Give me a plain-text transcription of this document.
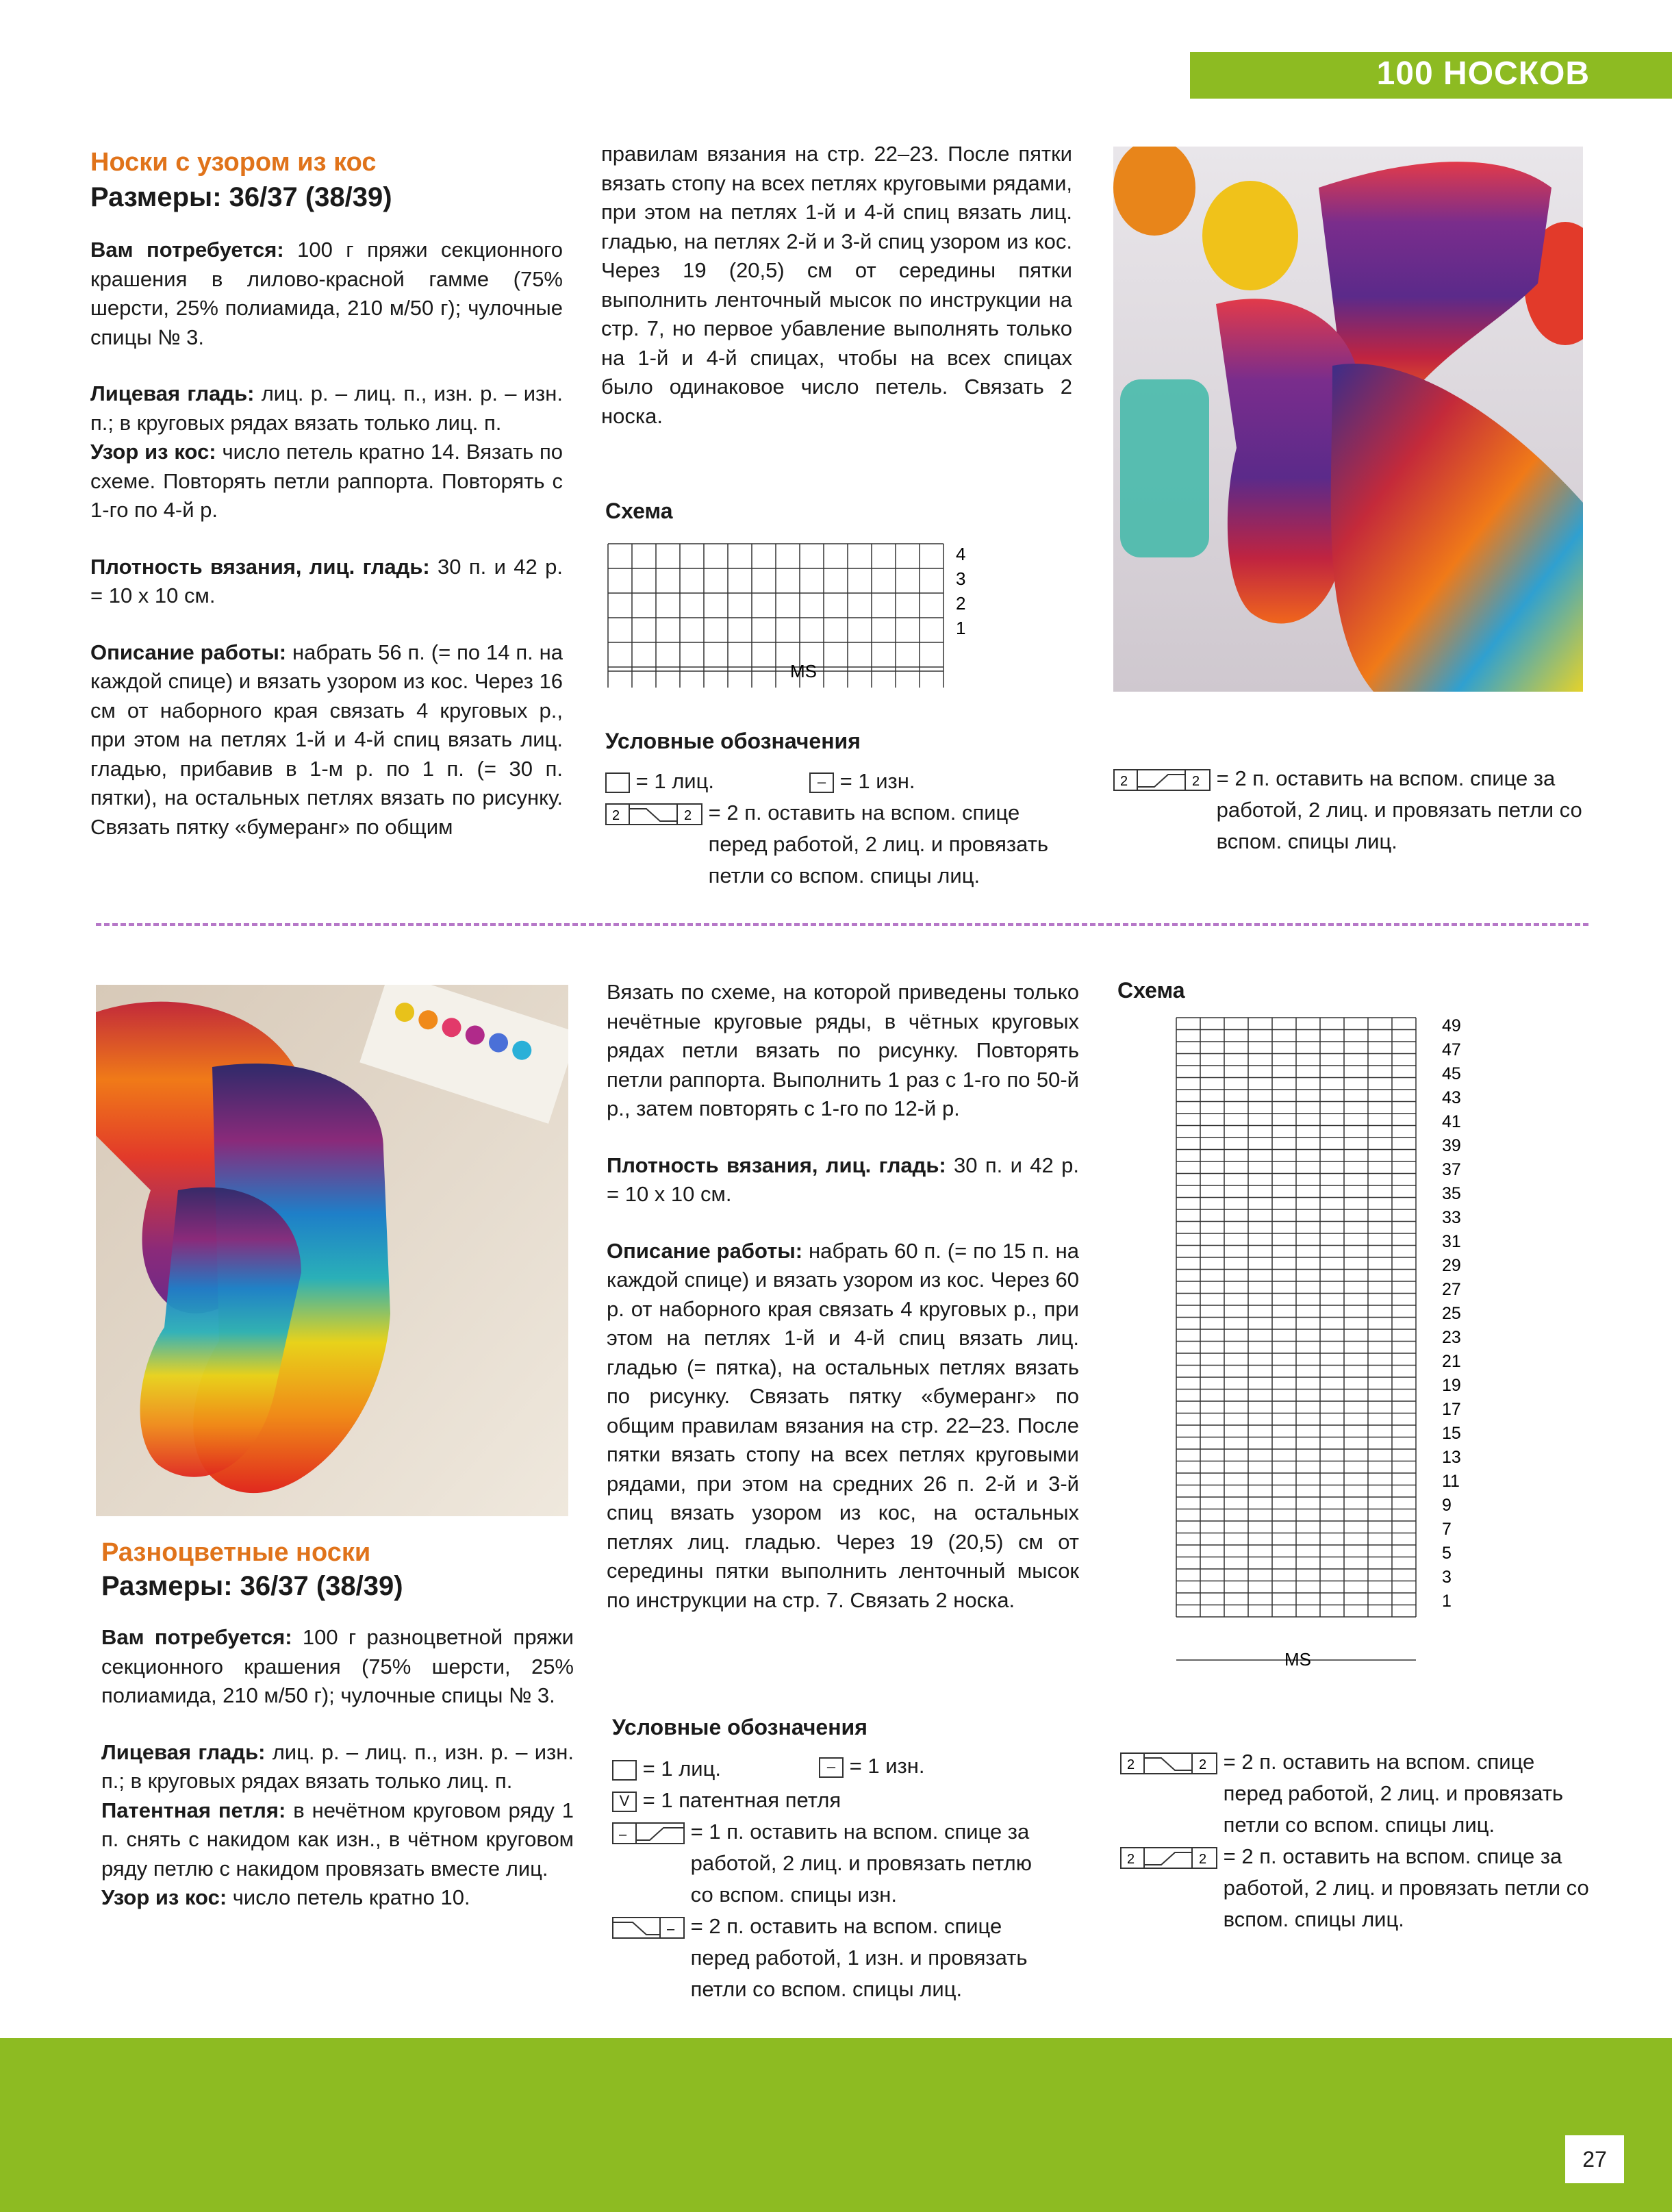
100 НОСКОВ
Носки с узором из кос
Размеры: 36/37 (38/39)

Вам потребуется: 100 г пряжи секционного крашения в лилово-красной гамме (75% шерсти, 25% полиамида, 210 м/50 г); чулочные спицы № 3.

Лицевая гладь: лиц. р. – лиц. п., изн. р. – изн. п.; в круговых рядах вязать только лиц. п.

Узор из кос: число петель кратно 14. Вязать по схеме. Повторять петли раппорта. Повторять с 1-го по 4-й р.

Плотность вязания, лиц. гладь: 30 п. и 42 р. = 10 х 10 см.

Описание работы: набрать 56 п. (= по 14 п. на каждой спице) и вязать узором из кос. Через 16 см от наборного края связать 4 круговых р., при этом на петлях 1-й и 4-й спиц вязать лиц. гладью, прибавив в 1-м р. по 1 п. (= 30 п. пятки), на остальных петлях вязать по рисунку. Связать пятку «бумеранг» по общим

правилам вязания на стр. 22–23. После пятки вязать стопу на всех петлях круговыми рядами, при этом на петлях 1-й и 4-й спиц вязать лиц. гладью, на петлях 2-й и 3-й спиц узором из кос. Через 19 (20,5) см от середины пятки выполнить ленточный мысок по инструкции на стр. 7, но первое убавление выполнять только на 1-й и 4-й спицах, чтобы на всех спицах было одинаковое число петель. Связать 2 носка.

Схема
MS
4
3
2
1
Условные обозначения
= 1 лиц.	– = 1 изн.
2	2 = 2 п. оставить на вспом. спице перед работой, 2 лиц. и провязать петли со вспом. спицы лиц.
2	2 = 2 п. оставить на вспом. спице за работой, 2 лиц. и провязать петли со вспом. спицы лиц.
Разноцветные носки
Размеры: 36/37 (38/39)

Вам потребуется: 100 г разноцветной пряжи секционного крашения (75% шерсти, 25% полиамида, 210 м/50 г); чулочные спицы № 3.

Лицевая гладь: лиц. р. – лиц. п., изн. р. – изн. п.; в круговых рядах вязать только лиц. п.

Патентная петля: в нечётном круговом ряду 1 п. снять с накидом как изн., в чётном круговом ряду петлю с накидом провязать вместе лиц.

Узор из кос: число петель кратно 10.

Вязать по схеме, на которой приведены только нечётные круговые ряды, в чётных круговых рядах петли вязать по рисунку. Повторять петли раппорта. Выполнить 1 раз с 1-го по 50-й р., затем повторять с 1-го по 12-й р.

Плотность вязания, лиц. гладь: 30 п. и 42 р. = 10 х 10 см.

Описание работы: набрать 60 п. (= по 15 п. на каждой спице) и вязать узором из кос. Через 60 р. от наборного края связать 4 круговых р., при этом на петлях 1-й и 4-й спиц вязать лиц. гладью (= пятка), на остальных петлях вязать по рисунку. Связать пятку «бумеранг» по общим правилам вязания на стр. 22–23. После пятки вязать стопу на всех петлях круговыми рядами, при этом на средних 26 п. 2-й и 3-й спиц вязать узором из кос, на остальных петлях лиц. гладью. Через 19 (20,5) см от середины пятки выполнить ленточный мысок по инструкции на стр. 7. Связать 2 носка.

Схема
49
47
45
43
41
39
37
35
33
31
29
27
25
23
21
19
17
15
13
11
9
7
5
3
1
MS
Условные обозначения
= 1 лиц.	– = 1 изн.
V = 1 патентная петля
–	= 1 п. оставить на вспом. спице за работой, 2 лиц. и провязать петлю со вспом. спицы изн.
– = 2 п. оставить на вспом. спице перед работой, 1 изн. и провязать петли со вспом. спицы лиц.
2	2 = 2 п. оставить на вспом. спице перед работой, 2 лиц. и провязать петли со вспом. спицы лиц.
2	2 = 2 п. оставить на вспом. спице за работой, 2 лиц. и провязать петли со вспом. спицы лиц.
27
